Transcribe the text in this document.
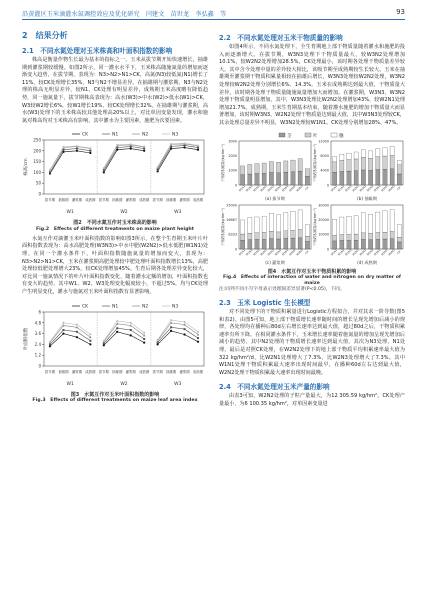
沿黄灌区玉米滴灌水氮调控效应及优化研究　闫建文　苗世龙　李弘鑫　等	93
2　结果分析
2.1　不同水氮处理对玉米株高和叶面积指数的影响

株高是衡量作物生长最为基本的指标之一，玉米从拔节期开始快速增长，抽雄期到灌浆期较缓慢。如图2所示，同一灌水水平下，玉米株高随施氮量的增加而逐渐变大趋势，在拔节期，表现为：N3>N2>N1>CK，高氮(N3)较低氮(N1)增长了11%，较CK处理增长35%，N3与N2不增显差异。在抽雄期与灌浆期，N3与N2处理的株高无明显差异，较N1、CK处理有明显差异，成熟期玉米高度略有降低趋势，同一施氮量下，拔节期株高表现为：高水(W3)>中水(W2)>低水(W1)>CK，W3较W2增长6%，较W1增长19%，较CK处理增长32%。在抽雄期与灌浆期，高水(W3)处理下的玉米株高较其他处理高20%以上，对比单因变量发现，灌水和施氮对株高均对玉米株高有影响，其中灌水为主要因素，施肥为次要因素。

0
50
100
150
200
250
株高/cm
W1	W2	W3
拔节期 抽雄期 灌浆期 成熟期 拔节期 抽雄期 灌浆期 成熟期 拔节期 抽雄期 灌浆期 成熟期
CK	N1	N2	N3
图2　不同水氮互作对玉米株高的影响
Fig.2　Effects of different treatments on maize plant height

水氮互作对滴灌玉米叶面积指数的影响如图3所示，在整个生育期玉米叶片叶面积指数表现为：高水高肥处理(W3N3)>中水中肥(W2N2)>低水低肥(W1N1)处理。在同一个灌水条件下，叶面积指数随施氮量的增加而变大，表现为：N3>N2>N1>CK，玉米在灌浆期高肥处理较中肥处理叶面积指数增长13%，高肥处理较低肥处理增大23%，较CK处理增加45%。生育后期各处理差异变化较大，对比同一施氮情况下的叶片叶面积指数变化，随着灌水定额的增加，叶面积指数也有变大的趋势，其中W1、W2、W3处理变化幅度较小，不超过5%，均与CK处理产生明显变化，灌水与施氮对玉米叶面积指数有显著影响。

0
1.2
2.4
3.6
4.8
6
叶面积指数
W1	W2	W3
拔节期 抽雄期 灌浆期 成熟期 拔节期 抽雄期 灌浆期 成熟期 拔节期 抽雄期 灌浆期 成熟期
CK	N1	N2	N3
图3　水氮互作对玉米叶面积指数的影响
Fig.3　Effects of different treatments on maize leaf area index
2.2　不同水氮处理对玉米干物质量的影响

如图4所示，不同水氮处理下，全生育期地上部干物质量随着灌水和施肥的投入而逐渐增大。在拔节期，W3N3处理下干物质量最大，较W3N2处理增加10.1%，较W2N2处理增加28.5%，CK处理最小，该时期各处理干物质量差异较大，其中含今处理中量的差异较大相比，该吸节期至成熟期较生长较大。玉米在抽雄期至灌浆期干物质积累量相较在抽雄后增长，W3N3处理较W2N2处理，W3N2处理较W2N2处理分别增长6%、14.3%。玉米在成熟期达到最大值，干物质量大差异，该时期各处理干物质量随施氮量增加大而增加。在灌浆期，W3N3、W3N2处理干物质量明显增加，其中，W3N3处理比W2N2处理增加43%，较W2N1处理增加21.7%。成熟期，玉米生育期基本结束，随着灌水施肥的增加干物质量大而显著增加，该时期W3N3、W2N2处理干物质量达到最大值，其中W3N3处理较CK，其余处理总量差异不明显，W3N2处理较W1N1、CK处理分别增加28%、47%。

茎	叶	穗
0
1000
2000
3000
干物质积累量/(kg·hm⁻²)
W1N1 W1N2 W1N3 W2N1 W2N2 W2N3 W3N1 W3N2 W3N3 CK
(a) 拔节期
0
4000
8000
12000
干物质积累量/(kg·hm⁻²)
W1N1 W1N2 W1N3 W2N1 W2N2 W2N3 W3N1 W3N2 W3N3 CK
(b) 抽雄期
0
8333
16667
25000
干物质积累量/(kg·hm⁻²)
W1N1 W1N2 W1N3 W2N1 W2N2 W2N3 W3N1 W3N2 W3N3 CK
(c) 灌浆期
0
10000
20000
30000
干物质积累量/(kg·hm⁻²)
W1N1 W1N2 W1N3 W2N1 W2N2 W2N3 W3N1 W3N2 W3N3 CK
(d) 成熟期
图4　水氮互作对玉米干物质积累的影响
Fig.4　Effects of interaction of water and nitrogen on dry matter of maize
注:同列不同小写字母表示处理间差异显著(P<0.05)，下同。
2.3　玉米 Logistic 生长模型

对不同处理下的干物质积累量进行Logistic方程拟合，并对其求一阶导数(图5和表2)。由图5可知，地上部干物质增长速率随时间的增长呈现先增加后减小的规律，各处理均在播种后80d左右增长速率达到最大值，超过80d之后，干物质积累速率有所下降。在相同灌水条件下，玉米增长速率随着施氮量的增加呈现先增加后减小的趋势，其中N2处理的干物质增长速率达到最大值，其次为N3处理、N1处理，最后是对照CK处理，在W2N2处理下的地上部干物质平均积累速率最大值为322 kg/hm²/d，比W2N1处理增大了7.3%，比W2N3处理增大了7.3%。其中W1N1处理干物质积累最大速率出现时间最早，在播种60d左右达到最大值，W2N2处理干物质积累最大速率出现时间最晚。

2.4　不同水氮处理对玉米产量的影响

由表3可知，W2N2处理的子粒产量最大，为12 305.59 kg/hm²，CK处理产量最小，为6 100.35 kg/hm²，对单因素变量进
